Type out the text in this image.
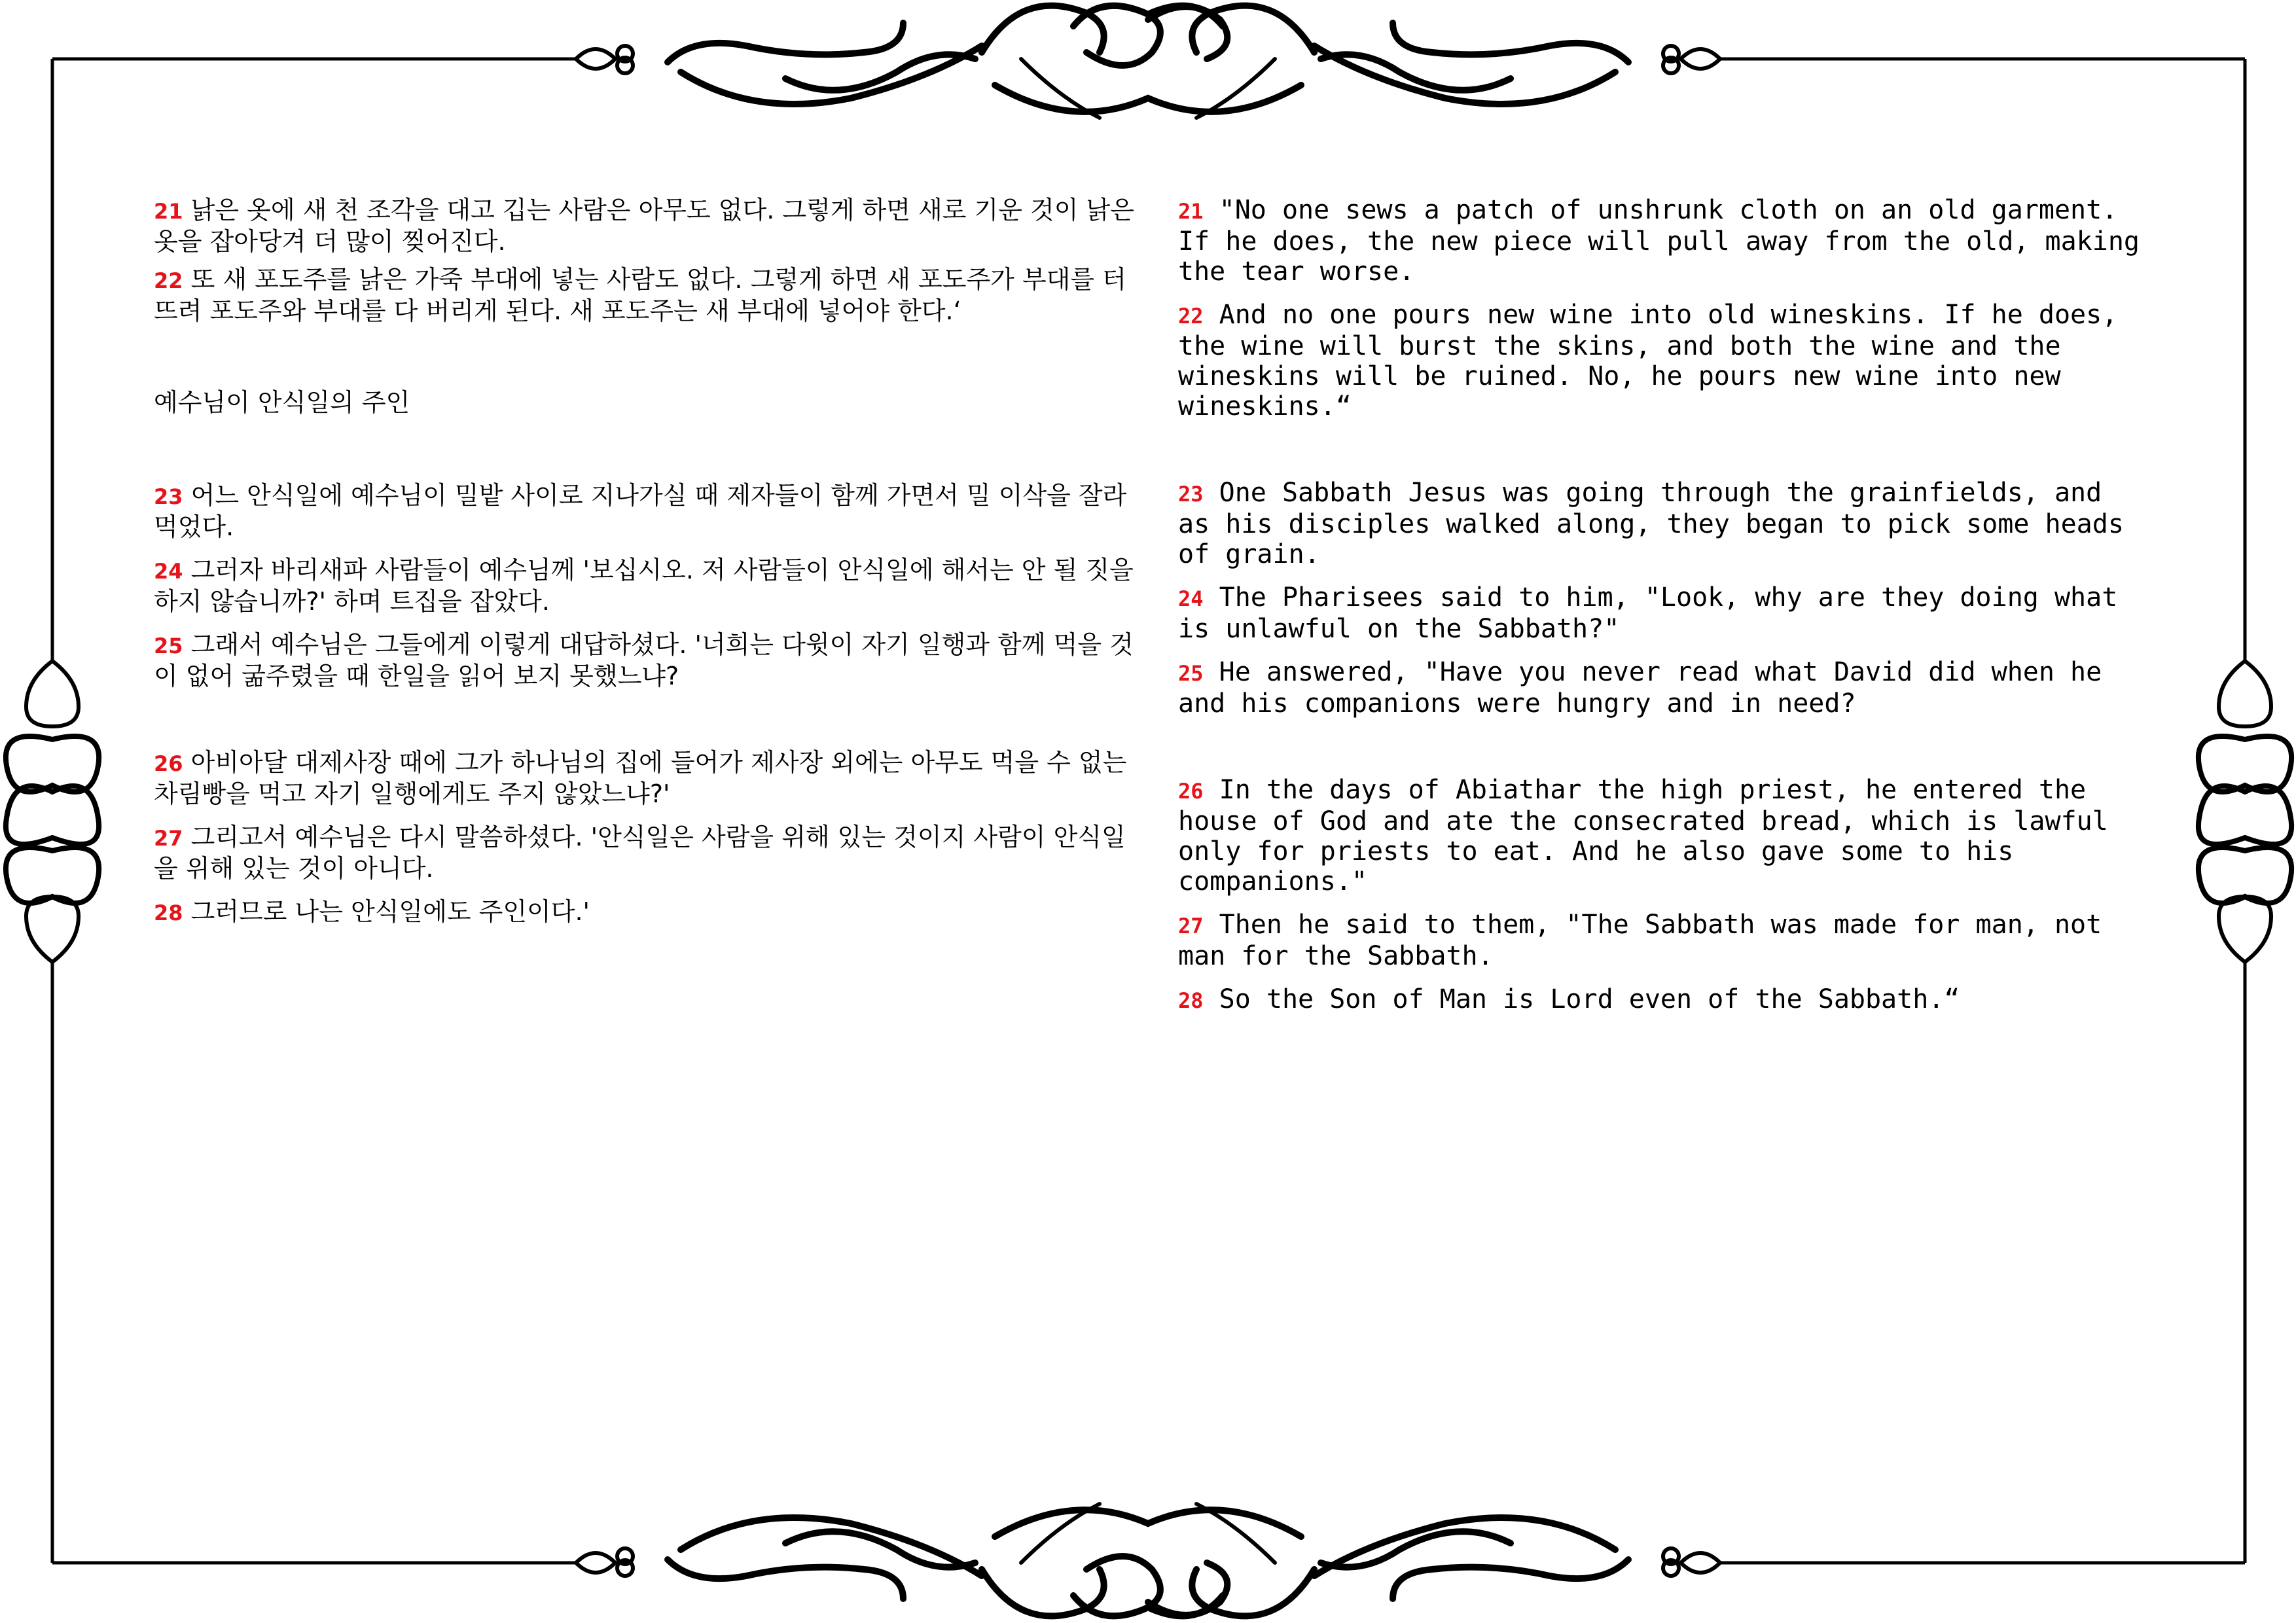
21 낡은 옷에 새 천 조각을 대고 깁는 사람은 아무도 없다. 그렇게 하면 새로 기운 것이 낡은 옷을 잡아당겨 더 많이 찢어진다.

22 또 새 포도주를 낡은 가죽 부대에 넣는 사람도 없다. 그렇게 하면 새 포도주가 부대를 터뜨려 포도주와 부대를 다 버리게 된다. 새 포도주는 새 부대에 넣어야 한다.‘

예수님이 안식일의 주인

23 어느 안식일에 예수님이 밀밭 사이로 지나가실 때 제자들이 함께 가면서 밀 이삭을 잘라 먹었다.

24 그러자 바리새파 사람들이 예수님께 '보십시오. 저 사람들이 안식일에 해서는 안 될 짓을 하지 않습니까?' 하며 트집을 잡았다.

25 그래서 예수님은 그들에게 이렇게 대답하셨다. '너희는 다윗이 자기 일행과 함께 먹을 것이 없어 굶주렸을 때 한일을 읽어 보지 못했느냐?

26 아비아달 대제사장 때에 그가 하나님의 집에 들어가 제사장 외에는 아무도 먹을 수 없는 차림빵을 먹고 자기 일행에게도 주지 않았느냐?'

27 그리고서 예수님은 다시 말씀하셨다. '안식일은 사람을 위해 있는 것이지 사람이 안식일을 위해 있는 것이 아니다.

28 그러므로 나는 안식일에도 주인이다.'

21 "No one sews a patch of unshrunk cloth on an old garment. If he does, the new piece will pull away from the old, making the tear worse.

22 And no one pours new wine into old wineskins. If he does, the wine will burst the skins, and both the wine and the wineskins will be ruined. No, he pours new wine into new wineskins.“

23 One Sabbath Jesus was going through the grainfields, and as his disciples walked along, they began to pick some heads of grain.

24 The Pharisees said to him, "Look, why are they doing what is unlawful on the Sabbath?"

25 He answered, "Have you never read what David did when he and his companions were hungry and in need?

26 In the days of Abiathar the high priest, he entered the house of God and ate the consecrated bread, which is lawful only for priests to eat. And he also gave some to his companions."

27 Then he said to them, "The Sabbath was made for man, not man for the Sabbath.

28 So the Son of Man is Lord even of the Sabbath.“
